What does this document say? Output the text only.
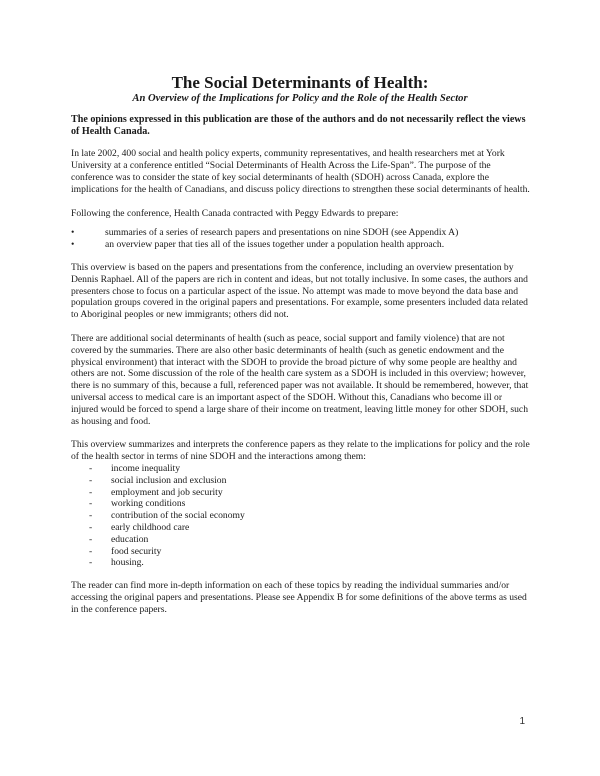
The Social Determinants of Health:
An Overview of the Implications for Policy and the Role of the Health Sector

The opinions expressed in this publication are those of the authors and do not necessarily reflect the views of Health Canada.

In late 2002, 400 social and health policy experts, community representatives, and health researchers met at York University at a conference entitled “Social Determinants of Health Across the Life-Span”. The purpose of the conference was to consider the state of key social determinants of health (SDOH) across Canada, explore the implications for the health of Canadians, and discuss policy directions to strengthen these social determinants of health.

Following the conference, Health Canada contracted with Peggy Edwards to prepare:

•	summaries of a series of research papers and presentations on nine SDOH (see Appendix A)
•	an overview paper that ties all of the issues together under a population health approach.

This overview is based on the papers and presentations from the conference, including an overview presentation by Dennis Raphael. All of the papers are rich in content and ideas, but not totally inclusive. In some cases, the authors and presenters chose to focus on a particular aspect of the issue. No attempt was made to move beyond the data base and population groups covered in the original papers and presentations. For example, some presenters included data related to Aboriginal peoples or new immigrants; others did not.

There are additional social determinants of health (such as peace, social support and family violence) that are not covered by the summaries. There are also other basic determinants of health (such as genetic endowment and the physical environment) that interact with the SDOH to provide the broad picture of why some people are healthy and others are not. Some discussion of the role of the health care system as a SDOH is included in this overview; however, there is no summary of this, because a full, referenced paper was not available. It should be remembered, however, that universal access to medical care is an important aspect of the SDOH. Without this, Canadians who become ill or injured would be forced to spend a large share of their income on treatment, leaving little money for other SDOH, such as housing and food.

This overview summarizes and interprets the conference papers as they relate to the implications for policy and the role of the health sector in terms of nine SDOH and the interactions among them:

- income inequality
- social inclusion and exclusion
- employment and job security
- working conditions
- contribution of the social economy
- early childhood care
- education
- food security
- housing.

The reader can find more in-depth information on each of these topics by reading the individual summaries and/or accessing the original papers and presentations. Please see Appendix B for some definitions of the above terms as used in the conference papers.

1
